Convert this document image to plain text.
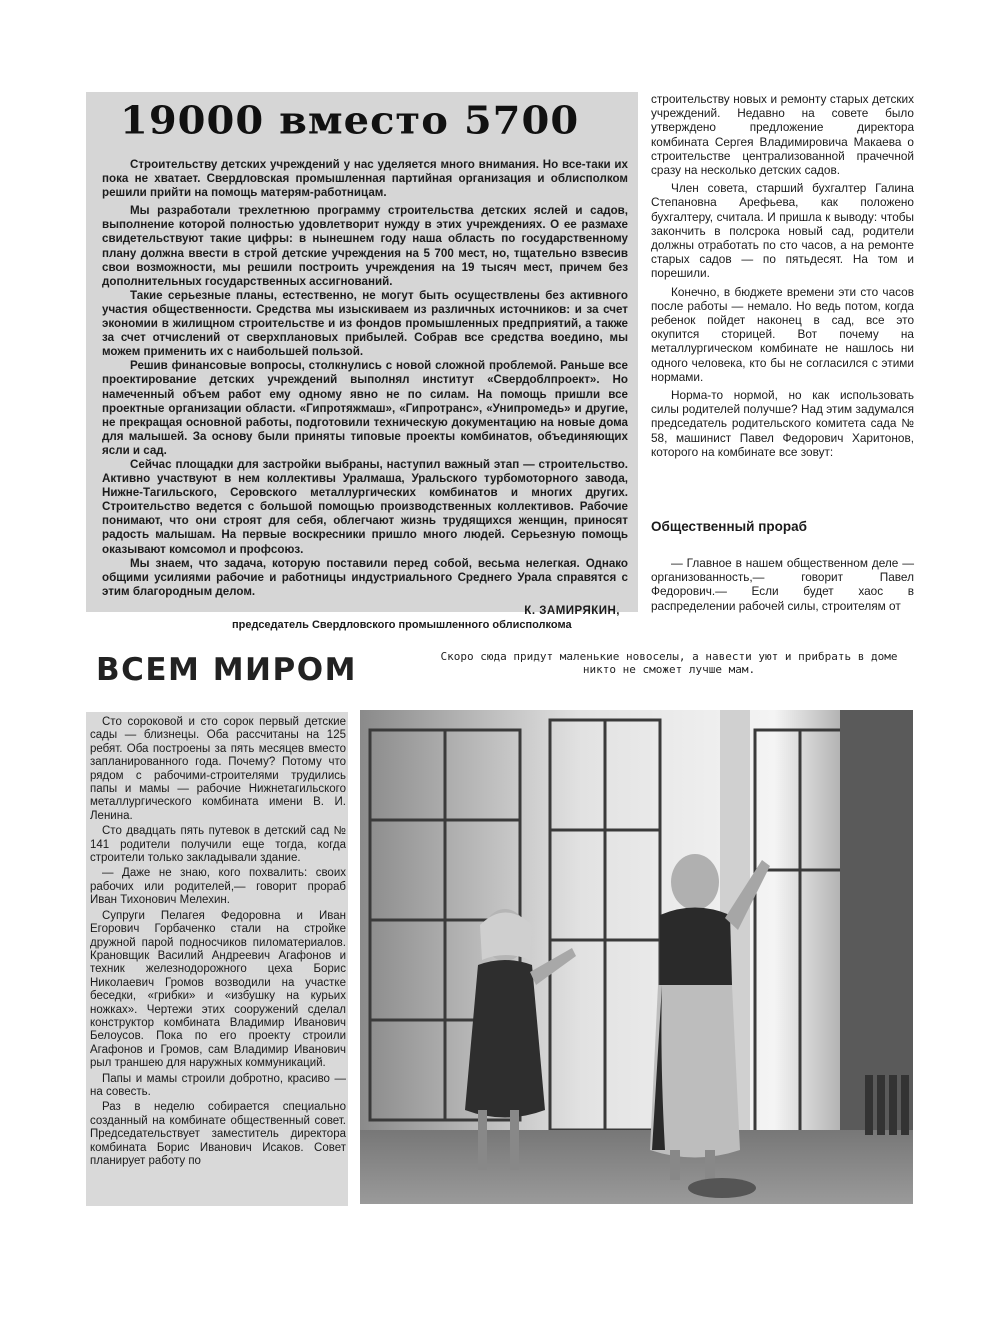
19000 вместо 5700

Строительству детских учреждений у нас уделяется много внимания. Но все-таки их пока не хватает. Свердловская промышленная партийная организация и облисполком решили прийти на помощь матерям-работницам.

Мы разработали трехлетнюю программу строительства детских яслей и садов, выполнение которой полностью удовлетворит нужду в этих учреждениях. О ее размахе свидетельствуют такие цифры: в нынешнем году наша область по государственному плану должна ввести в строй детские учреждения на 5 700 мест, но, тщательно взвесив свои возможности, мы решили построить учреждения на 19 тысяч мест, причем без дополнительных государственных ассигнований.

Такие серьезные планы, естественно, не могут быть осуществлены без активного участия общественности. Средства мы изыскиваем из различных источников: и за счет экономии в жилищном строительстве и из фондов промышленных предприятий, а также за счет отчислений от сверхплановых прибылей. Собрав все средства воедино, мы можем применить их с наибольшей пользой.

Решив финансовые вопросы, столкнулись с новой сложной проблемой. Раньше все проектирование детских учреждений выполнял институт «Свердоблпроект». Но намеченный объем работ ему одному явно не по силам. На помощь пришли все проектные организации области. «Гипротяжмаш», «Гипротранс», «Унипромедь» и другие, не прекращая основной работы, подготовили техническую документацию на новые дома для малышей. За основу были приняты типовые проекты комбинатов, объединяющих ясли и сад.

Сейчас площадки для застройки выбраны, наступил важный этап — строительство. Активно участвуют в нем коллективы Уралмаша, Уральского турбомоторного завода, Нижне-Тагильского, Серовского металлургических комбинатов и многих других. Строительство ведется с большой помощью производственных коллективов. Рабочие понимают, что они строят для себя, облегчают жизнь трудящихся женщин, приносят радость малышам. На первые воскресники пришло много людей. Серьезную помощь оказывают комсомол и профсоюз.

Мы знаем, что задача, которую поставили перед собой, весьма нелегкая. Однако общими усилиями рабочие и работницы индустриального Среднего Урала справятся с этим благородным делом.

К. ЗАМИРЯКИН,
председатель Свердловского промышленного облисполкома

строительству новых и ремонту старых детских учреждений. Недавно на совете было утверждено предложение директора комбината Сергея Владимировича Макаева о строительстве централизованной прачечной сразу на несколько детских садов.

Член совета, старший бухгалтер Галина Степановна Арефьева, как положено бухгалтеру, считала. И пришла к выводу: чтобы закончить в полсрока новый сад, родители должны отработать по сто часов, а на ремонте старых садов — по пятьдесят. На том и порешили.

Конечно, в бюджете времени эти сто часов после работы — немало. Но ведь потом, когда ребенок пойдет наконец в сад, все это окупится сторицей. Вот почему на металлургическом комбинате не нашлось ни одного человека, кто бы не согласился с этими нормами.

Норма-то нормой, но как использовать силы родителей получше? Над этим задумался председатель родительского комитета сада № 58, машинист Павел Федорович Харитонов, которого на комбинате все зовут:

Общественный прораб

— Главное в нашем общественном деле — организованность,— говорит Павел Федорович.— Если будет хаос в распределении рабочей силы, строителям от

ВСЕМ МИРОМ	Скоро сюда придут маленькие новоселы, а навести уют и прибрать в доме никто не сможет лучше мам.

Сто сороковой и сто сорок первый детские сады — близнецы. Оба рассчитаны на 125 ребят. Оба построены за пять месяцев вместо запланированного года. Почему? Потому что рядом с рабочими-строителями трудились папы и мамы — рабочие Нижнетагильского металлургического комбината имени В. И. Ленина.

Сто двадцать пять путевок в детский сад № 141 родители получили еще тогда, когда строители только закладывали здание.

— Даже не знаю, кого похвалить: своих рабочих или родителей,— говорит прораб Иван Тихонович Мелехин.

Супруги Пелагея Федоровна и Иван Егорович Горбаченко стали на стройке дружной парой подносчиков пиломатериалов. Крановщик Василий Андреевич Агафонов и техник железнодорожного цеха Борис Николаевич Громов возводили на участке беседки, «грибки» и «избушку на курьих ножках». Чертежи этих сооружений сделал конструктор комбината Владимир Иванович Белоусов. Пока по его проекту строили Агафонов и Громов, сам Владимир Иванович рыл траншею для наружных коммуникаций.

Папы и мамы строили добротно, красиво — на совесть.

Раз в неделю собирается специально созданный на комбинате общественный совет. Председательствует заместитель директора комбината Борис Иванович Исаков. Совет планирует работу по
